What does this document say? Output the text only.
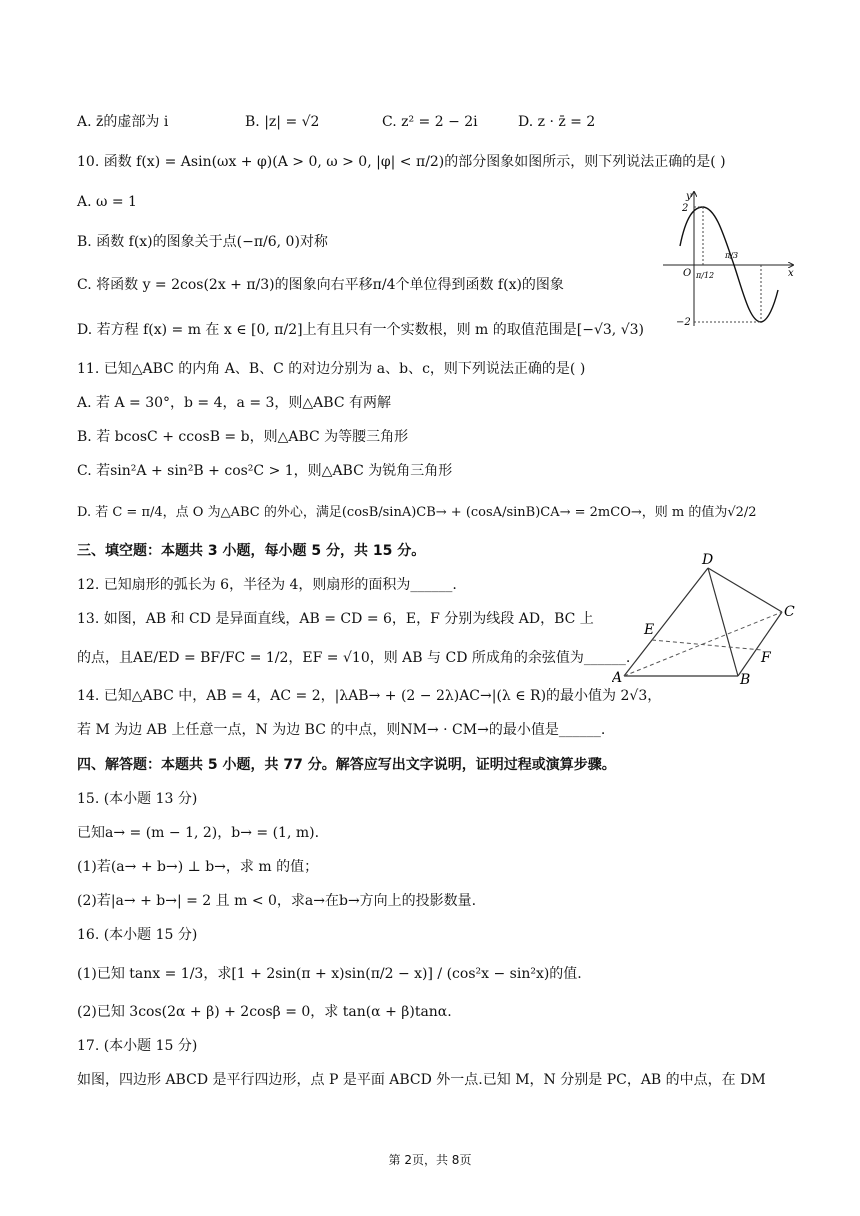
A. z̄的虚部为 i	B. |z| = √2	C. z² = 2 − 2i	D. z · z̄ = 2
10. 函数 f(x) = Asin(ωx + φ)(A > 0, ω > 0, |φ| < π/2)的部分图象如图所示，则下列说法正确的是( )
A. ω = 1
B. 函数 f(x)的图象关于点(−π/6, 0)对称
C. 将函数 y = 2cos(2x + π/3)的图象向右平移π/4个单位得到函数 f(x)的图象
D. 若方程 f(x) = m 在 x ∈ [0, π/2]上有且只有一个实数根，则 m 的取值范围是[−√3, √3)
y
x
O
2
−2
π/12
π/3
11. 已知△ABC 的内角 A、B、C 的对边分别为 a、b、c，则下列说法正确的是( )
A. 若 A = 30°，b = 4，a = 3，则△ABC 有两解
B. 若 bcosC + ccosB = b，则△ABC 为等腰三角形
C. 若sin²A + sin²B + cos²C > 1，则△ABC 为锐角三角形
D. 若 C = π/4，点 O 为△ABC 的外心，满足(cosB/sinA)CB→ + (cosA/sinB)CA→ = 2mCO→，则 m 的值为√2/2
三、填空题：本题共 3 小题，每小题 5 分，共 15 分。
12. 已知扇形的弧长为 6，半径为 4，则扇形的面积为______.
13. 如图，AB 和 CD 是异面直线，AB = CD = 6，E，F 分别为线段 AD，BC 上
的点，且AE/ED = BF/FC = 1/2，EF = √10，则 AB 与 CD 所成角的余弦值为______.
A	B
C
D
E
F
14. 已知△ABC 中，AB = 4，AC = 2，|λAB→ + (2 − 2λ)AC→|(λ ∈ R)的最小值为 2√3，
若 M 为边 AB 上任意一点，N 为边 BC 的中点，则NM→ · CM→的最小值是______.
四、解答题：本题共 5 小题，共 77 分。解答应写出文字说明，证明过程或演算步骤。
15. (本小题 13 分)
已知a→ = (m − 1, 2)，b→ = (1, m).
(1)若(a→ + b→) ⊥ b→，求 m 的值；
(2)若|a→ + b→| = 2 且 m < 0，求a→在b→方向上的投影数量.
16. (本小题 15 分)
(1)已知 tanx = 1/3，求[1 + 2sin(π + x)sin(π/2 − x)] / (cos²x − sin²x)的值.
(2)已知 3cos(2α + β) + 2cosβ = 0，求 tan(α + β)tanα.
17. (本小题 15 分)
如图，四边形 ABCD 是平行四边形，点 P 是平面 ABCD 外一点.已知 M，N 分别是 PC，AB 的中点，在 DM
第 2页，共 8页
